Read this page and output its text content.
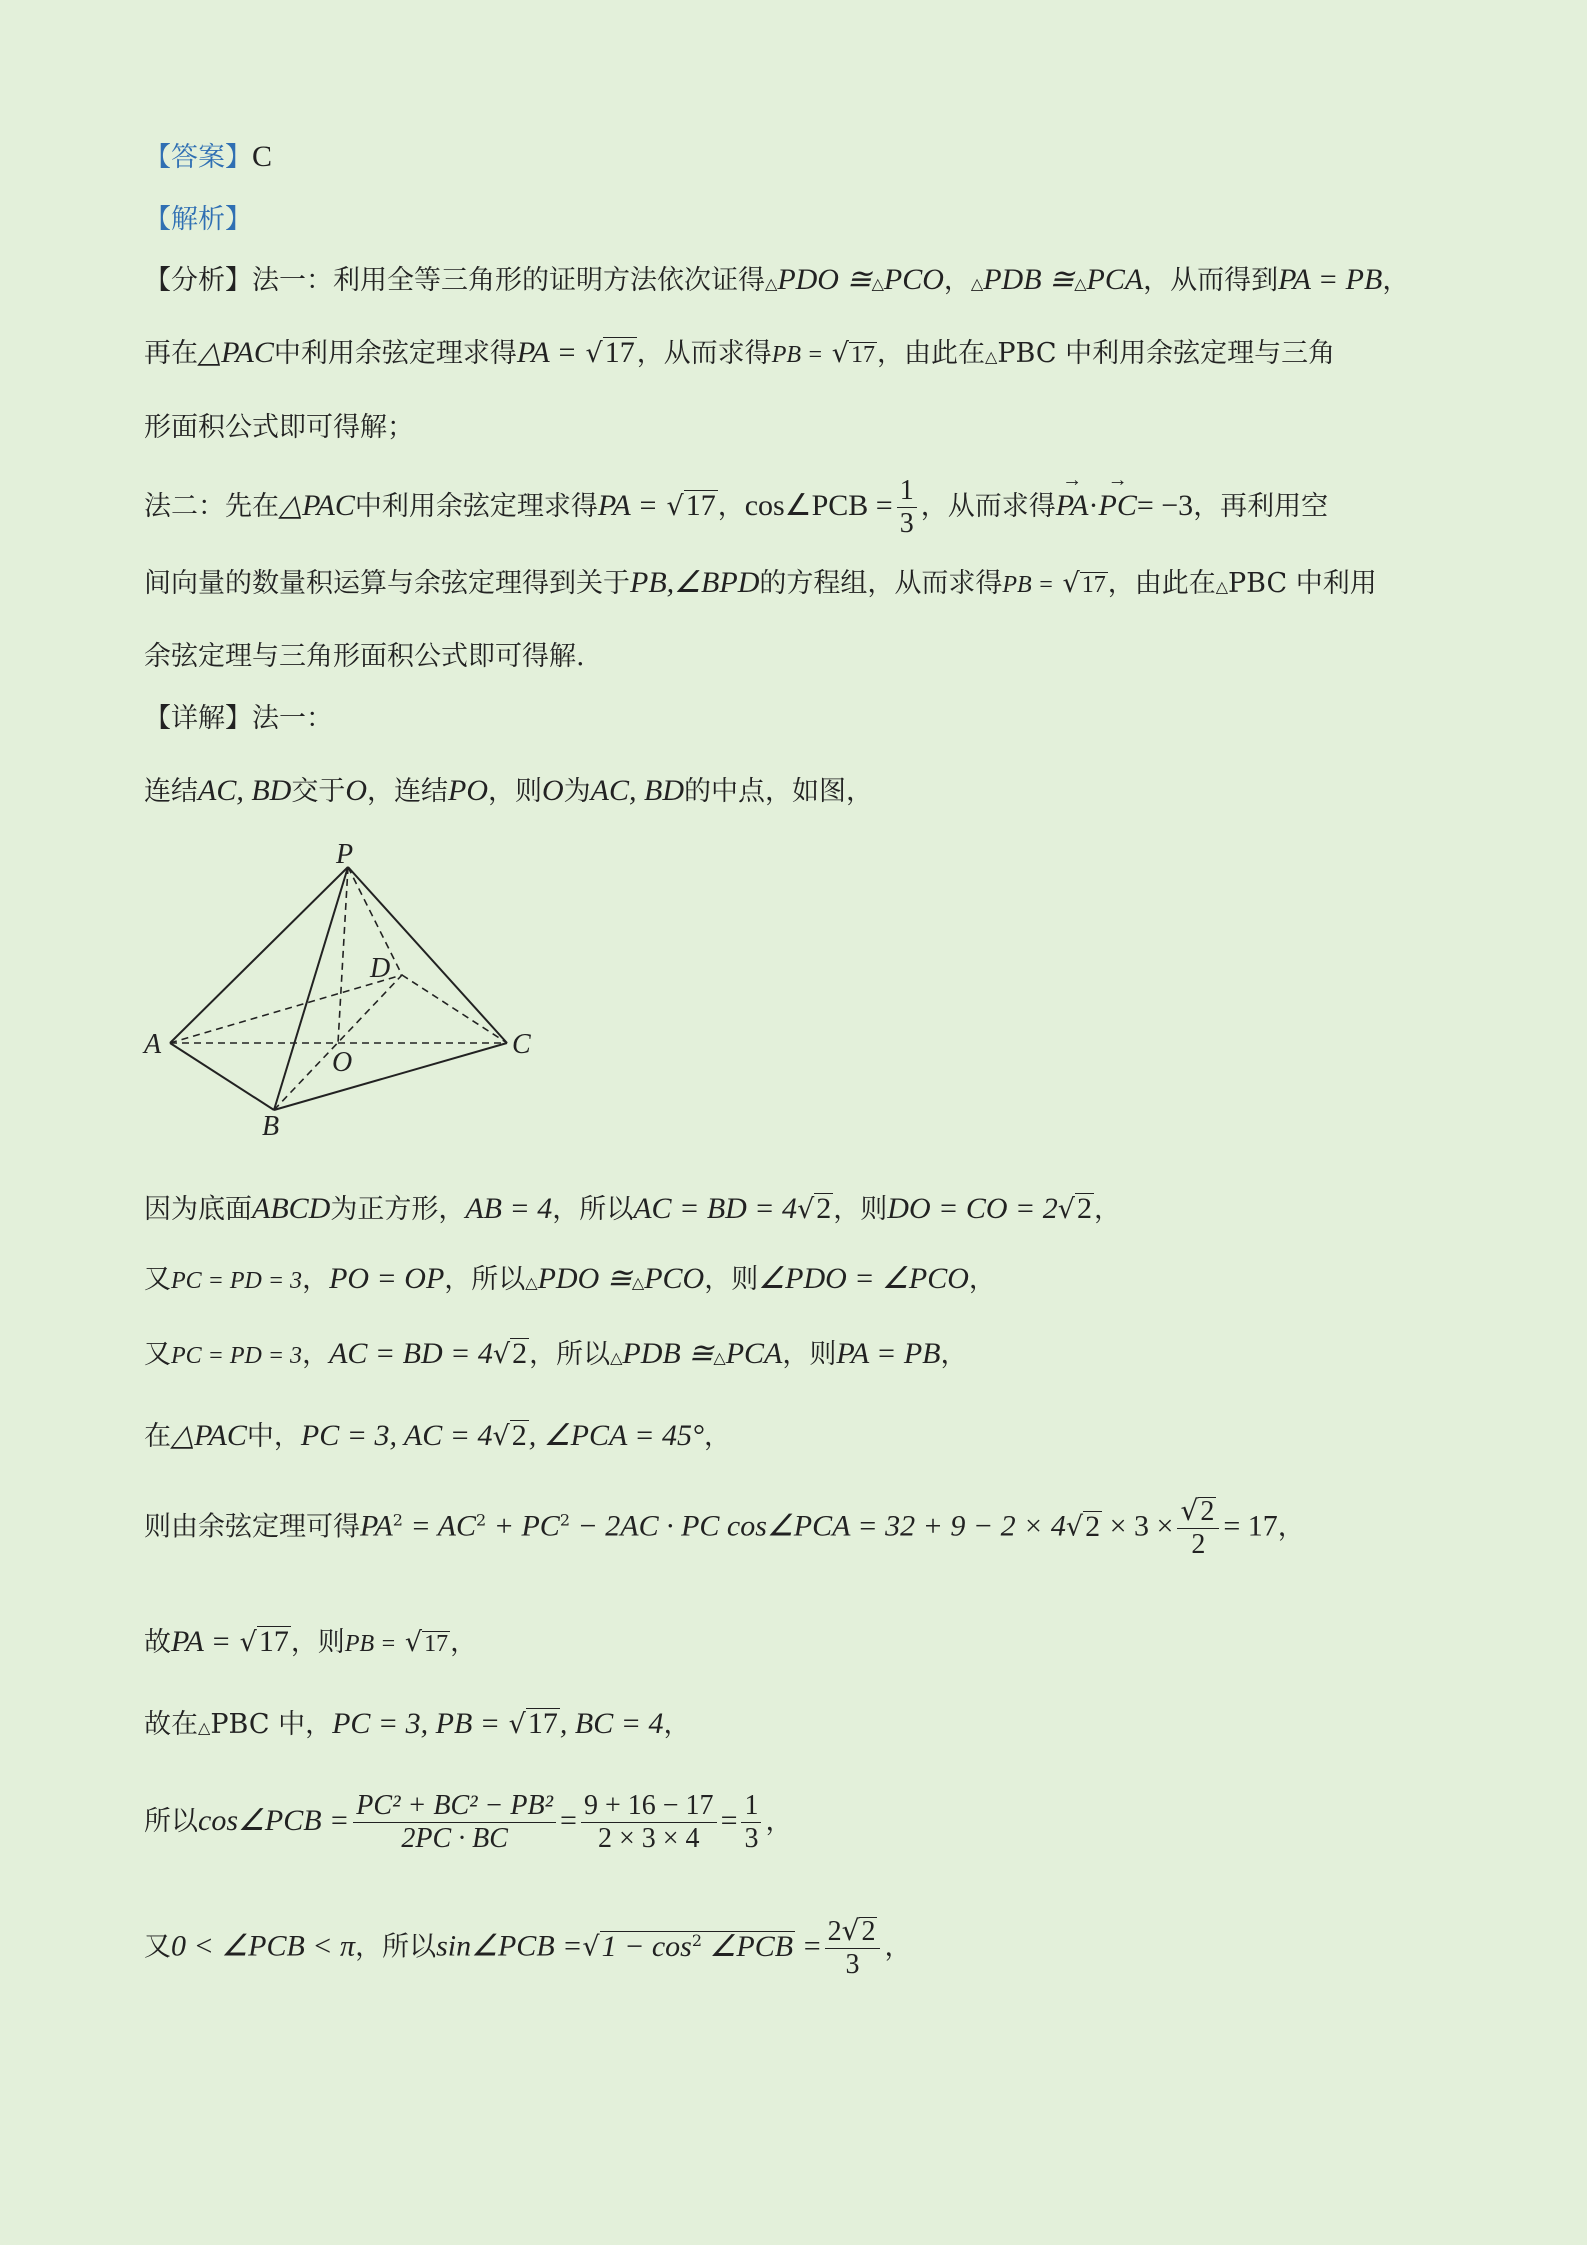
【答案】C
【解析】
【分析】法一：利用全等三角形的证明方法依次证得△PDO ≅△PCO，△PDB ≅△PCA，从而得到PA = PB，
再在△PAC中利用余弦定理求得PA = √17，从而求得PB = √17，由此在△PBC 中利用余弦定理与三角
形面积公式即可得解；
法二：先在△PAC中利用余弦定理求得PA = √17，cos∠PCB = $\frac{1}{3}$ ，从而求得→ PA·→ PC= −3，再利用空
间向量的数量积运算与余弦定理得到关于PB,∠BPD的方程组，从而求得PB = √17，由此在△PBC 中利用
余弦定理与三角形面积公式即可得解.
【详解】法一：
连结AC, BD交于O，连结PO，则O为AC, BD的中点，如图，
P
D
A
O
C
B
因为底面ABCD为正方形，AB = 4，所以AC = BD = 4√2，则DO = CO = 2√2，
又PC = PD = 3，PO = OP，所以△PDO ≅△PCO，则∠PDO = ∠PCO，
又PC = PD = 3，AC = BD = 4√2，所以△PDB ≅△PCA，则PA = PB，
在△PAC中，PC = 3, AC = 4√2, ∠PCA = 45°，
则由余弦定理可得$PA^2 = AC^2 + PC^2 - 2AC$ · PC cos∠PCA = $32 + 9 - 2 \times 4√2 \times 3 \times \frac{√2}{2} = 17$，
故PA = √17，则PB = √17，
故在△PBC 中，PC = 3, PB = √17, BC = 4，
所以cos∠PCB = $\frac{\text{PC² + BC² − PB²}}{2PC \cdot BC} = \frac{9 + 16 - 17}{2 \times 3 \times 4} = \frac{1}{3}$ ，
又0 < ∠PCB < π，所以sin∠PCB $=√1 - \cos^2$ ∠PCB = $\frac{2√2}{3}$ ，
